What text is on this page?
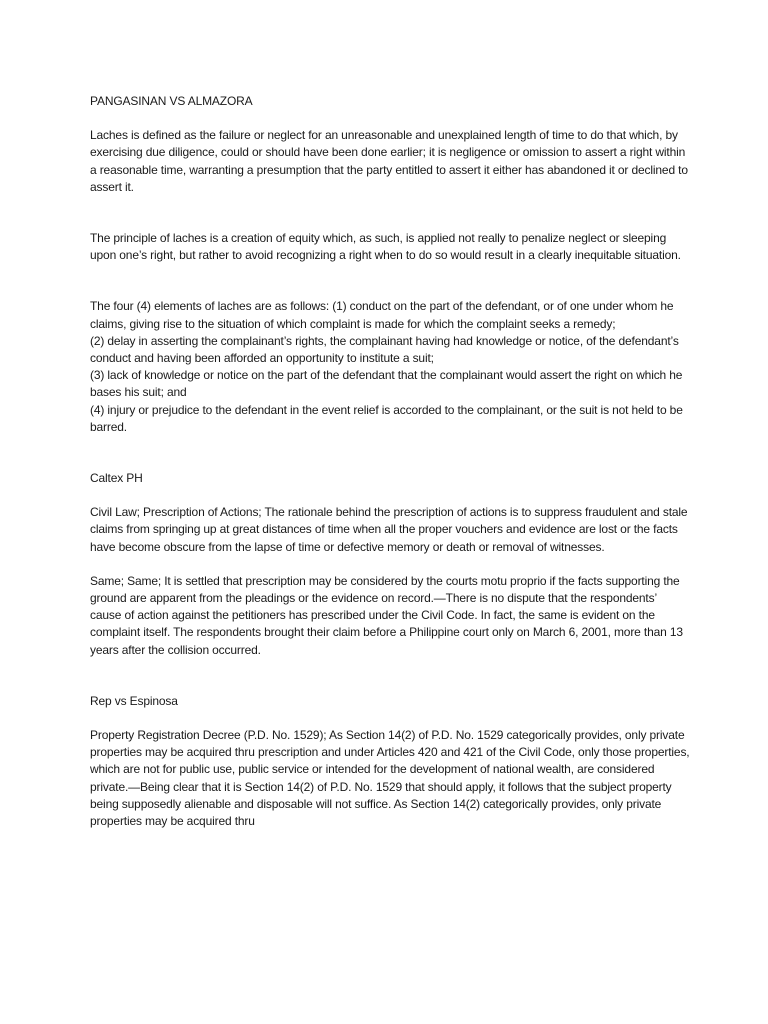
PANGASINAN VS ALMAZORA

Laches is defined as the failure or neglect for an unreasonable and unexplained length of time to do that which, by exercising due diligence, could or should have been done earlier; it is negligence or omission to assert a right within a reasonable time, warranting a presumption that the party entitled to assert it either has abandoned it or declined to assert it.

The principle of laches is a creation of equity which, as such, is applied not really to penalize neglect or sleeping upon one’s right, but rather to avoid recognizing a right when to do so would result in a clearly inequitable situation.

The four (4) elements of laches are as follows: (1) conduct on the part of the defendant, or of one under whom he claims, giving rise to the situation of which complaint is made for which the complaint seeks a remedy;

(2) delay in asserting the complainant’s rights, the complainant having had knowledge or notice, of the defendant’s conduct and having been afforded an opportunity to institute a suit;

(3) lack of knowledge or notice on the part of the defendant that the complainant would assert the right on which he bases his suit; and

(4) injury or prejudice to the defendant in the event relief is accorded to the complainant, or the suit is not held to be barred.

Caltex PH

Civil Law; Prescription of Actions; The rationale behind the prescription of actions is to suppress fraudulent and stale claims from springing up at great distances of time when all the proper vouchers and evidence are lost or the facts have become obscure from the lapse of time or defective memory or death or removal of witnesses.

Same; Same; It is settled that prescription may be considered by the courts motu proprio if the facts supporting the ground are apparent from the pleadings or the evidence on record.—There is no dispute that the respondents’ cause of action against the petitioners has prescribed under the Civil Code. In fact, the same is evident on the complaint itself. The respondents brought their claim before a Philippine court only on March 6, 2001, more than 13 years after the collision occurred.

Rep vs Espinosa

Property Registration Decree (P.D. No. 1529); As Section 14(2) of P.D. No. 1529 categorically provides, only private properties may be acquired thru prescription and under Articles 420 and 421 of the Civil Code, only those properties, which are not for public use, public service or intended for the development of national wealth, are considered private.—Being clear that it is Section 14(2) of P.D. No. 1529 that should apply, it follows that the subject property being supposedly alienable and disposable will not suffice. As Section 14(2) categorically provides, only private properties may be acquired thru
